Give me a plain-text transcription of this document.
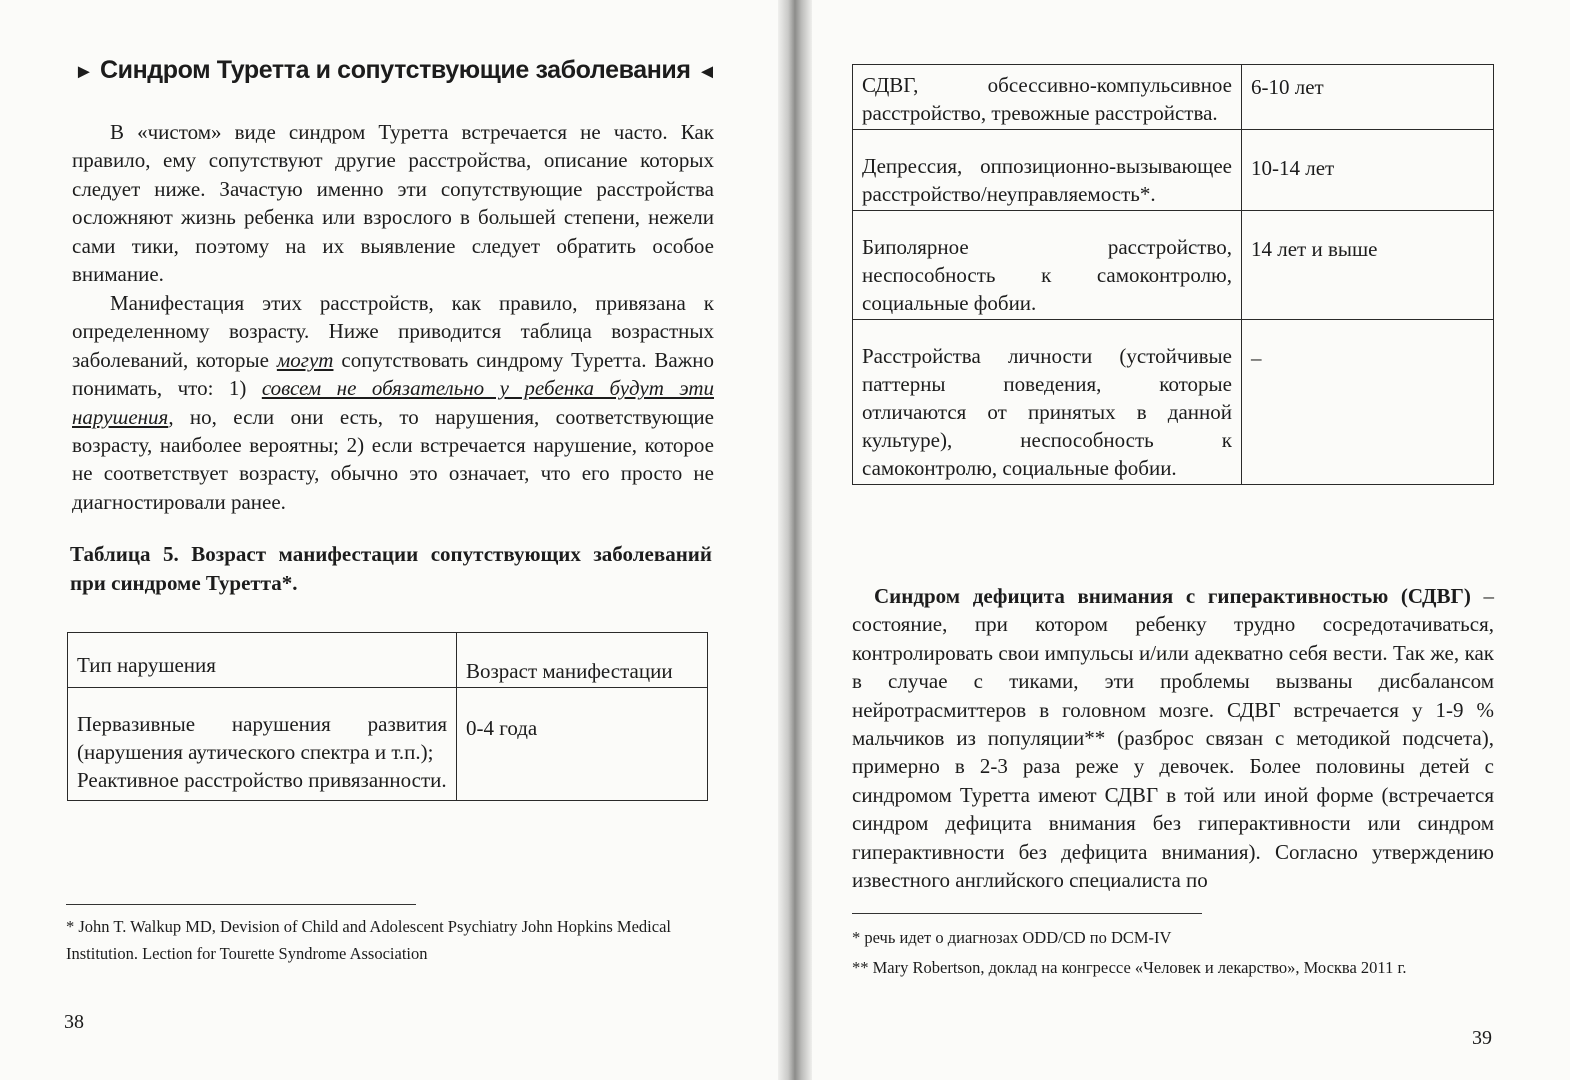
► Синдром Туретта и сопутствующие заболевания ◄

В «чистом» виде синдром Туретта встречается не часто. Как правило, ему сопутствуют другие расстройства, описание которых следует ниже. Зачастую именно эти сопутствующие расстройства осложняют жизнь ребенка или взрослого в большей степени, нежели сами тики, поэтому на их выявление следует обратить особое внимание.

Манифестация этих расстройств, как правило, привязана к определенному возрасту. Ниже приводится таблица возрастных заболеваний, которые могут сопутствовать синдрому Туретта. Важно понимать, что: 1) совсем не обязательно у ребенка будут эти нарушения, но, если они есть, то нарушения, соответствующие возрасту, наиболее вероятны; 2) если встречается нарушение, которое не соответствует возрасту, обычно это означает, что его просто не диагностировали ранее.

Таблица 5. Возраст манифестации сопутствующих заболеваний при синдроме Туретта*.

Тип нарушения	Возраст манифестации

Первазивные нарушения развития (нарушения аутического спектра и т.п.);
Реактивное расстройство привязанности.	0-4 года

* John T. Walkup MD, Devision of Child and Adolescent Psychiatry John Hopkins Medical Institution. Lection for Tourette Syndrome Association

38
СДВГ, обсессивно-компульсивное расстройство, тревожные расстройства.	6-10 лет
Депрессия, оппозиционно-вызывающее расстройство/неуправляемость*.	10-14 лет
Биполярное расстройство, неспособность к самоконтролю, социальные фобии.	14 лет и выше
Расстройства личности (устойчивые паттерны поведения, которые отличаются от принятых в данной культуре), неспособность к самоконтролю, социальные фобии.	–

Синдром дефицита внимания с гиперактивностью (СДВГ) – состояние, при котором ребенку трудно сосредотачиваться, контролировать свои импульсы и/или адекватно себя вести. Так же, как в случае с тиками, эти проблемы вызваны дисбалансом нейротрасмиттеров в головном мозге. СДВГ встречается у 1-9 % мальчиков из популяции** (разброс связан с методикой подсчета), примерно в 2-3 раза реже у девочек. Более половины детей с синдромом Туретта имеют СДВГ в той или иной форме (встречается синдром дефицита внимания без гиперактивности или синдром гиперактивности без дефицита внимания). Согласно утверждению известного английского специалиста по

* речь идет о диагнозах ODD/CD по DCM-IV

** Mary Robertson, доклад на конгрессе «Человек и лекарство», Москва 2011 г.

39
